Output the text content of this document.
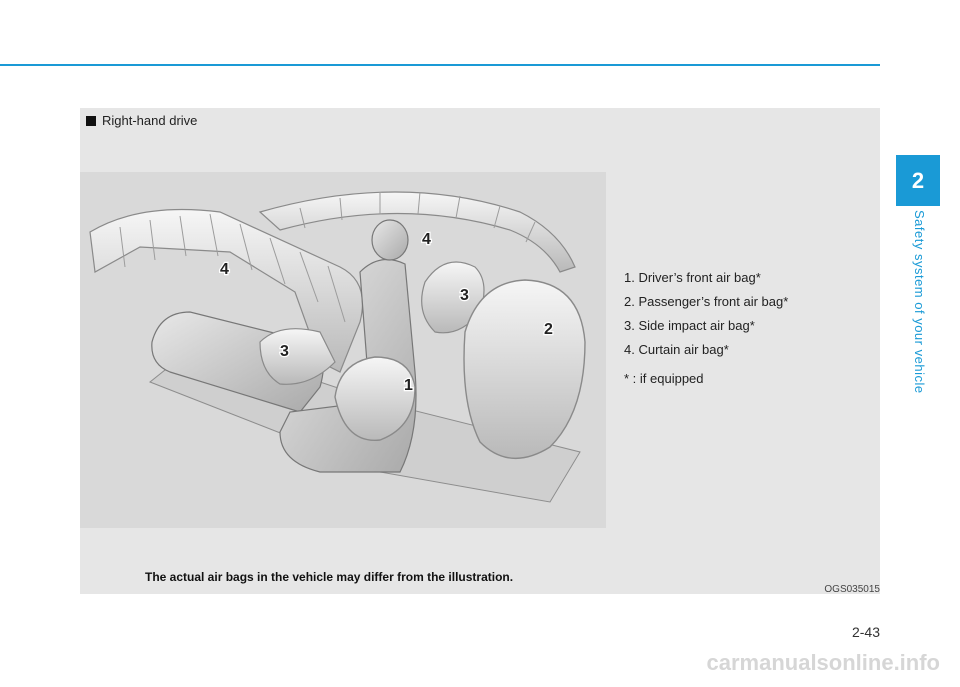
Right-hand drive
4
4
3
3
2
1
1. Driver’s front air bag*
2. Passenger’s front air bag*
3. Side impact air bag*
4. Curtain air bag*
* : if equipped
The actual air bags in the vehicle may differ from the illustration.
OGS035015
2
Safety system of your vehicle
2-43
carmanualsonline.info
